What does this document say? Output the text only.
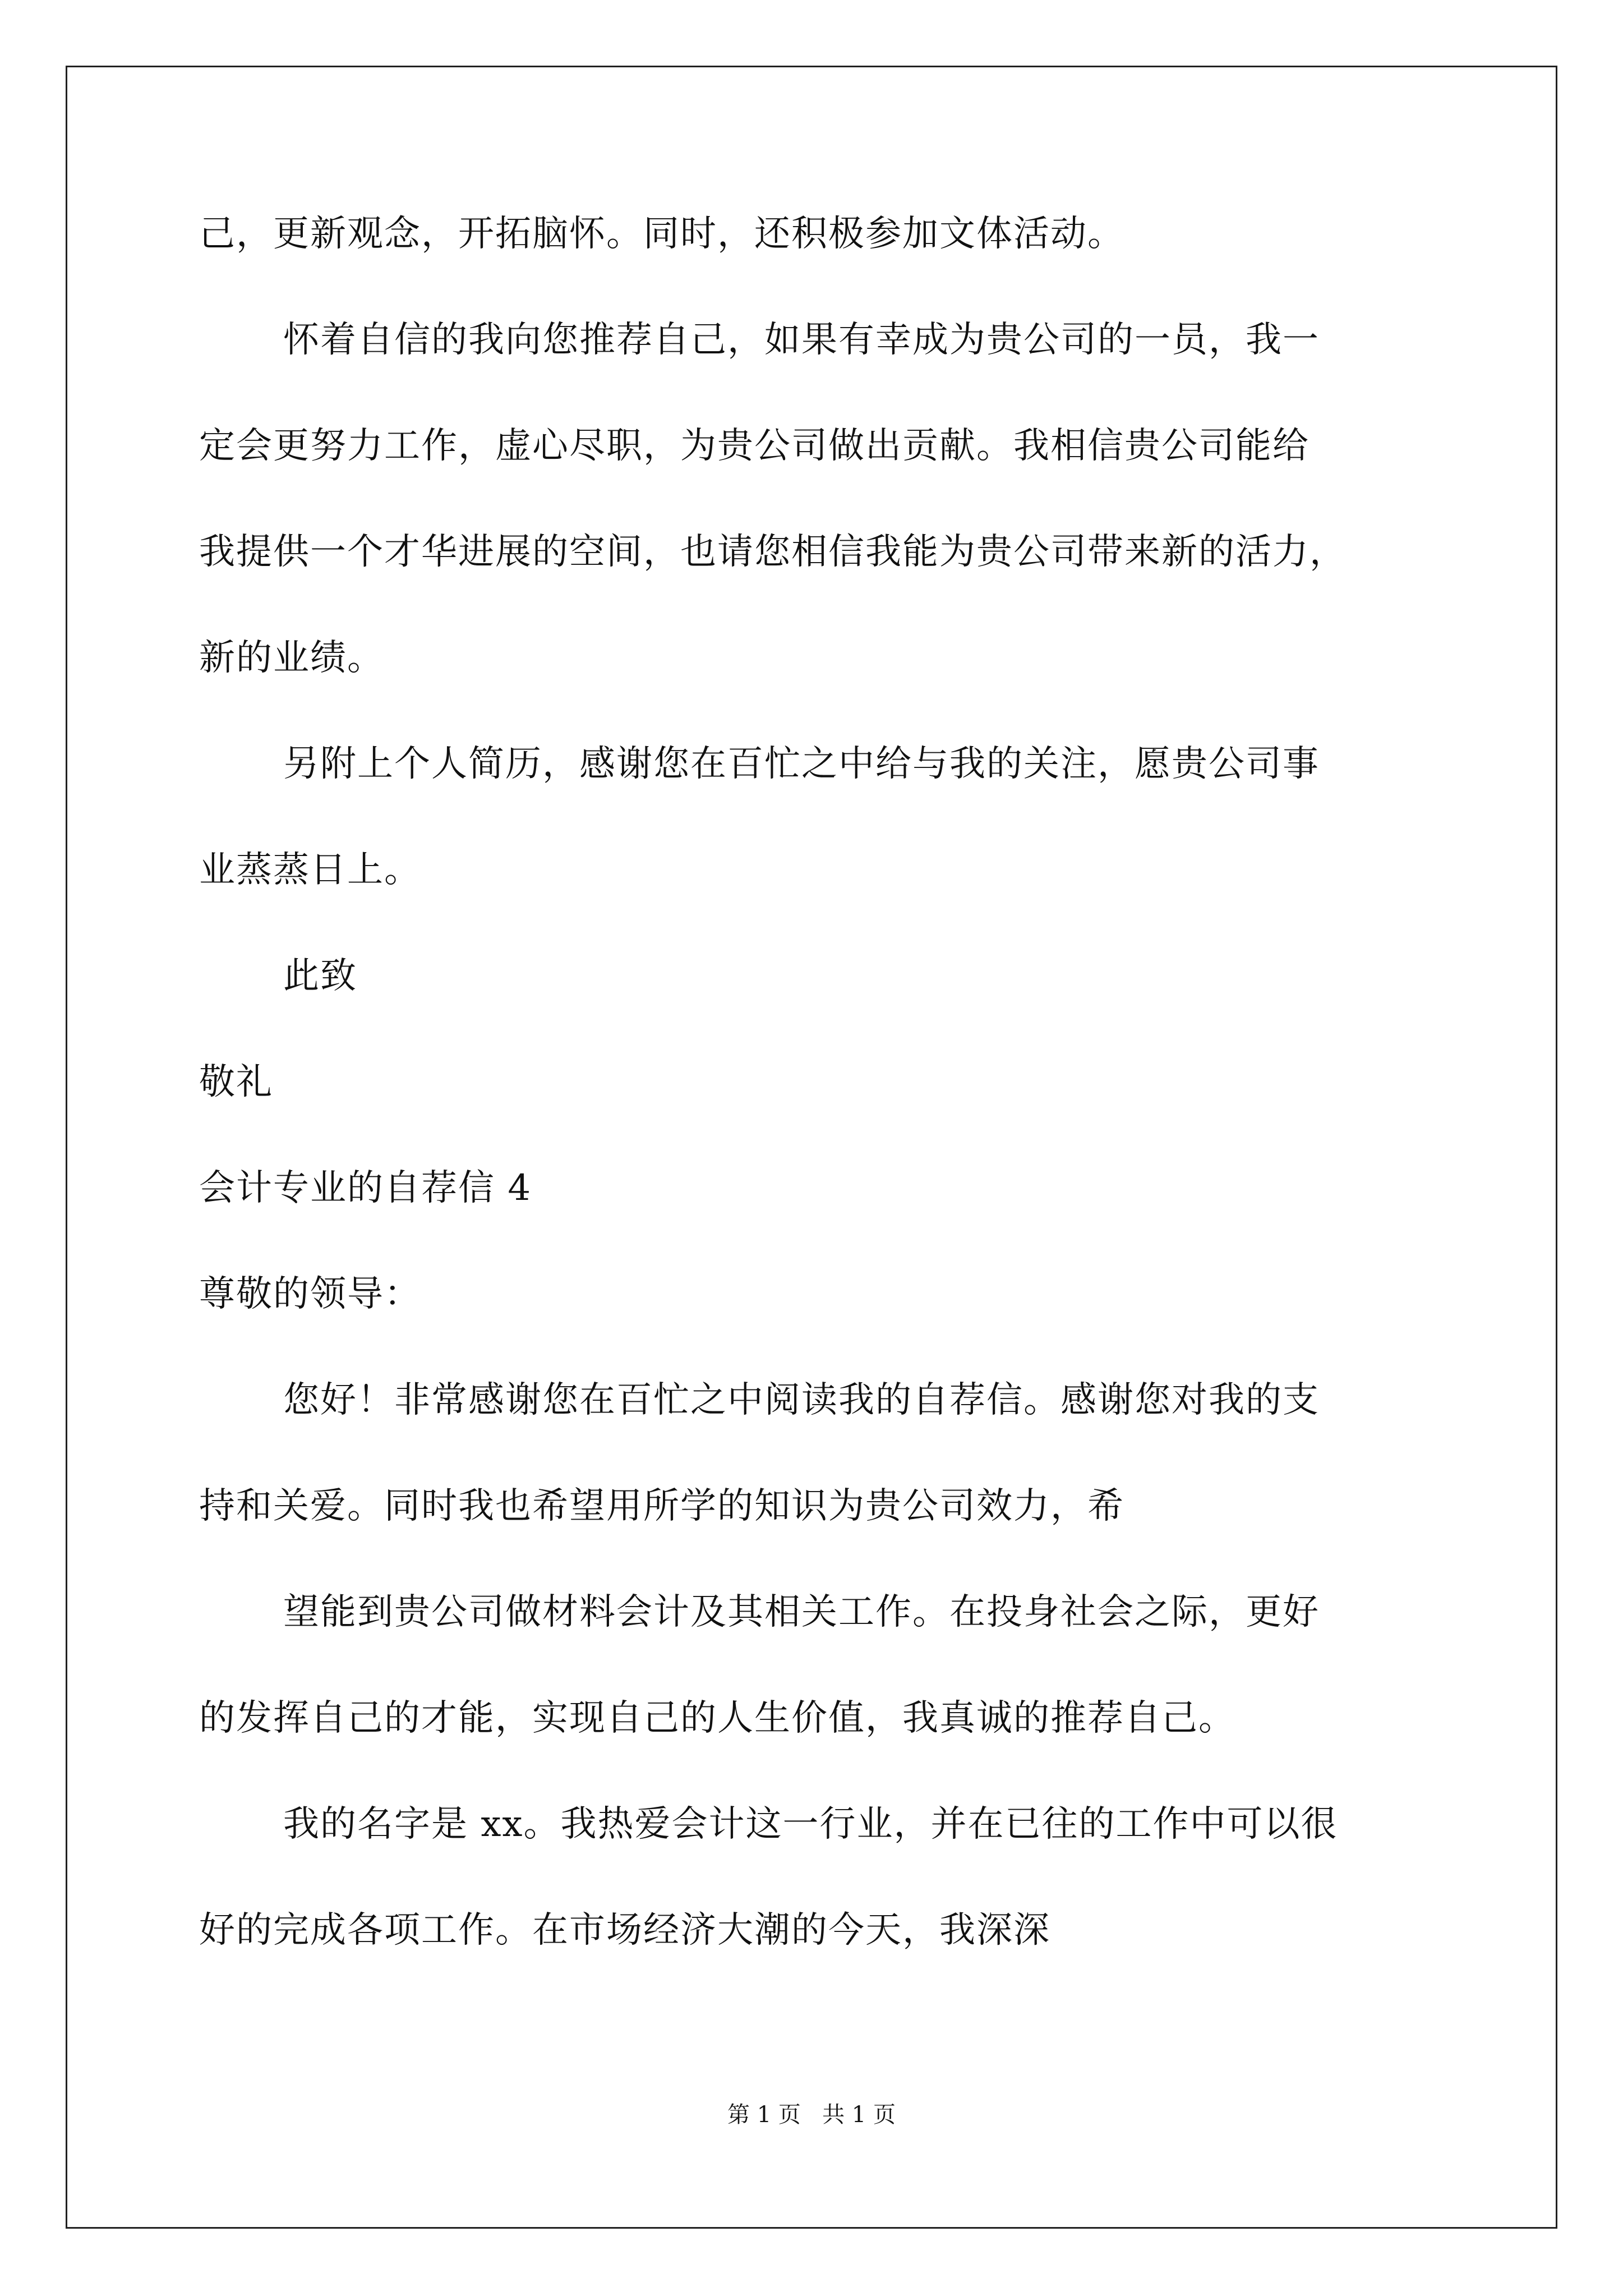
己，更新观念，开拓脑怀。同时，还积极参加文体活动。
怀着自信的我向您推荐自己，如果有幸成为贵公司的一员，我一
定会更努力工作，虚心尽职，为贵公司做出贡献。我相信贵公司能给
我提供一个才华进展的空间，也请您相信我能为贵公司带来新的活力，
新的业绩。
另附上个人简历，感谢您在百忙之中给与我的关注，愿贵公司事
业蒸蒸日上。
此致
敬礼
会计专业的自荐信 4
尊敬的领导：
您好！非常感谢您在百忙之中阅读我的自荐信。感谢您对我的支
持和关爱。同时我也希望用所学的知识为贵公司效力，希
望能到贵公司做材料会计及其相关工作。在投身社会之际，更好
的发挥自己的才能，实现自己的人生价值，我真诚的推荐自己。
我的名字是 xx。我热爱会计这一行业，并在已往的工作中可以很
好的完成各项工作。在市场经济大潮的今天，我深深
第 1 页   共 1 页
